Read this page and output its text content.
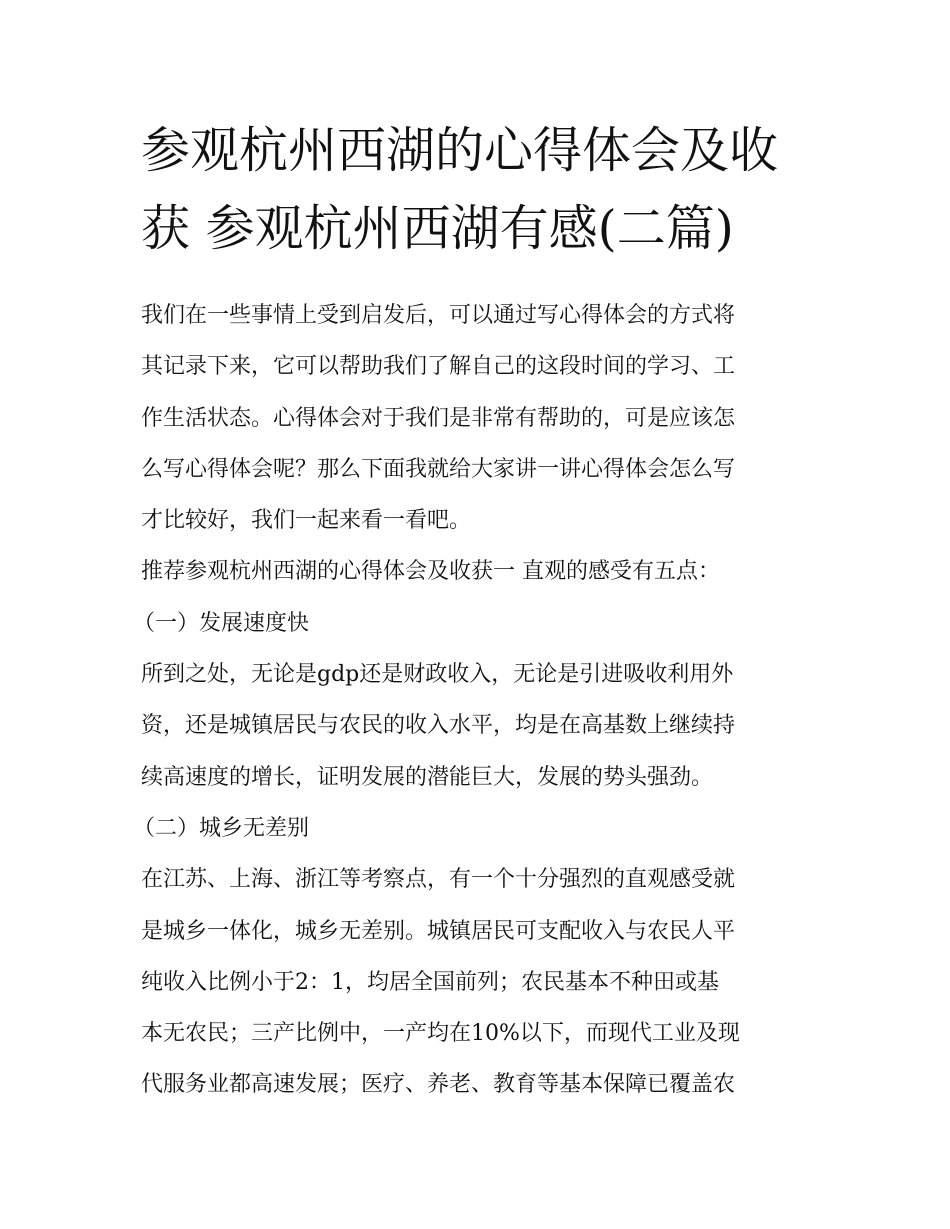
参观杭州西湖的心得体会及收
获 参观杭州西湖有感(二篇)

我们在一些事情上受到启发后，可以通过写心得体会的方式将
其记录下来，它可以帮助我们了解自己的这段时间的学习、工
作生活状态。心得体会对于我们是非常有帮助的，可是应该怎
么写心得体会呢？那么下面我就给大家讲一讲心得体会怎么写
才比较好，我们一起来看一看吧。

推荐参观杭州西湖的心得体会及收获一 直观的感受有五点：

（一）发展速度快

所到之处，无论是gdp还是财政收入，无论是引进吸收利用外
资，还是城镇居民与农民的收入水平，均是在高基数上继续持
续高速度的增长，证明发展的潜能巨大，发展的势头强劲。

（二）城乡无差别

在江苏、上海、浙江等考察点，有一个十分强烈的直观感受就
是城乡一体化，城乡无差别。城镇居民可支配收入与农民人平
纯收入比例小于2：1，均居全国前列；农民基本不种田或基
本无农民；三产比例中，一产均在10%以下，而现代工业及现
代服务业都高速发展；医疗、养老、教育等基本保障已覆盖农
